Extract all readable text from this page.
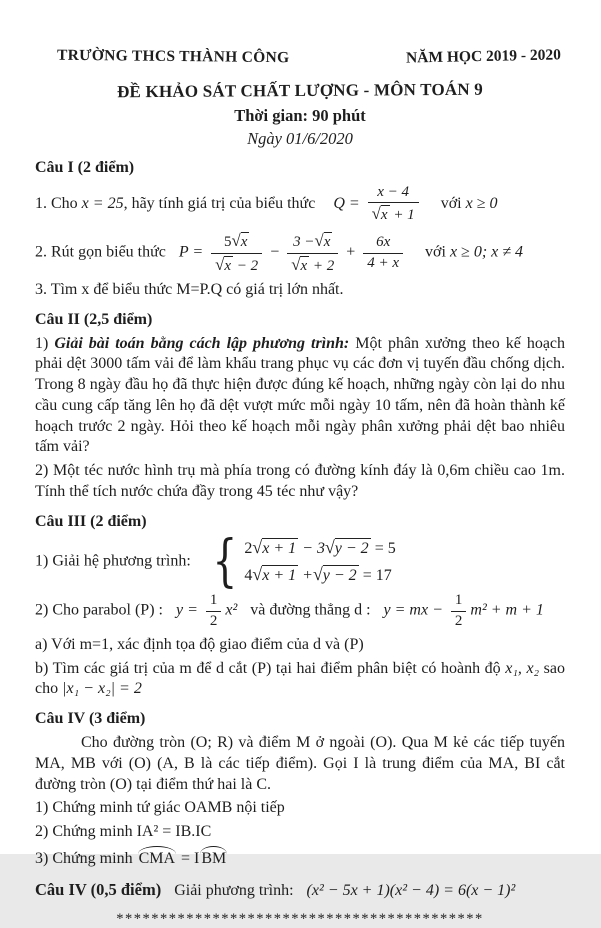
TRƯỜNG THCS THÀNH CÔNG	NĂM HỌC 2019 - 2020
ĐỀ KHẢO SÁT CHẤT LƯỢNG - MÔN TOÁN 9
Thời gian: 90 phút
Ngày 01/6/2020
Câu I (2 điểm)
1. Cho x = 25, hãy tính giá trị của biểu thức Q = x − 4
√ x + 1 với x ≥ 0
2. Rút gọn biểu thức P = 5 √ x
√ x − 2 − 3 − √ x
√ $x + 2 + \frac{6x}{4 + x}$ với x ≥ 0; x ≠ 4
3. Tìm x để biểu thức M=P.Q có giá trị lớn nhất.
Câu II (2,5 điểm)
1) Giải bài toán bằng cách lập phương trình: Một phân xưởng theo kế hoạch phải dệt 3000 tấm vải để làm khẩu trang phục vụ các đơn vị tuyến đầu chống dịch. Trong 8 ngày đầu họ đã thực hiện được đúng kế hoạch, những ngày còn lại do nhu cầu cung cấp tăng lên họ đã dệt vượt mức mỗi ngày 10 tấm, nên đã hoàn thành kế hoạch trước 2 ngày. Hỏi theo kế hoạch mỗi ngày phân xưởng phải dệt bao nhiêu tấm vải?
2) Một téc nước hình trụ mà phía trong có đường kính đáy là 0,6m chiều cao 1m. Tính thể tích nước chứa đầy trong 45 téc như vậy?
Câu III (2 điểm)
1) Giải hệ phương trình: { 2 √ x + 1 − 3 √ y − 2 = 5
4 √ x + 1 + √ y − 2 = 17
2) Cho parabol (P) : $y = \frac{1}{2} x^2$ và đường thẳng d : y = mx − $\frac{1}{2} m^2 + m + 1$
a) Với m=1, xác định tọa độ giao điểm của d và (P)
b) Tìm các giá trị của m để d cắt (P) tại hai điểm phân biệt có hoành độ x₁, x₂ sao cho |x₁ − x₂| = 2
Câu IV (3 điểm)
Cho đường tròn (O; R) và điểm M ở ngoài (O). Qua M kẻ các tiếp tuyến MA, MB với (O) (A, B là các tiếp điểm). Gọi I là trung điểm của MA, BI cắt đường tròn (O) tại điểm thứ hai là C.
1) Chứng minh tứ giác OAMB nội tiếp
2) Chứng minh IA² = IB.IC
3) Chứng minh CMA = I BM
Câu IV (0,5 điểm) Giải phương trình: (x² − 5x + 1)(x² − 4) = 6(x − 1)²
******************************************
